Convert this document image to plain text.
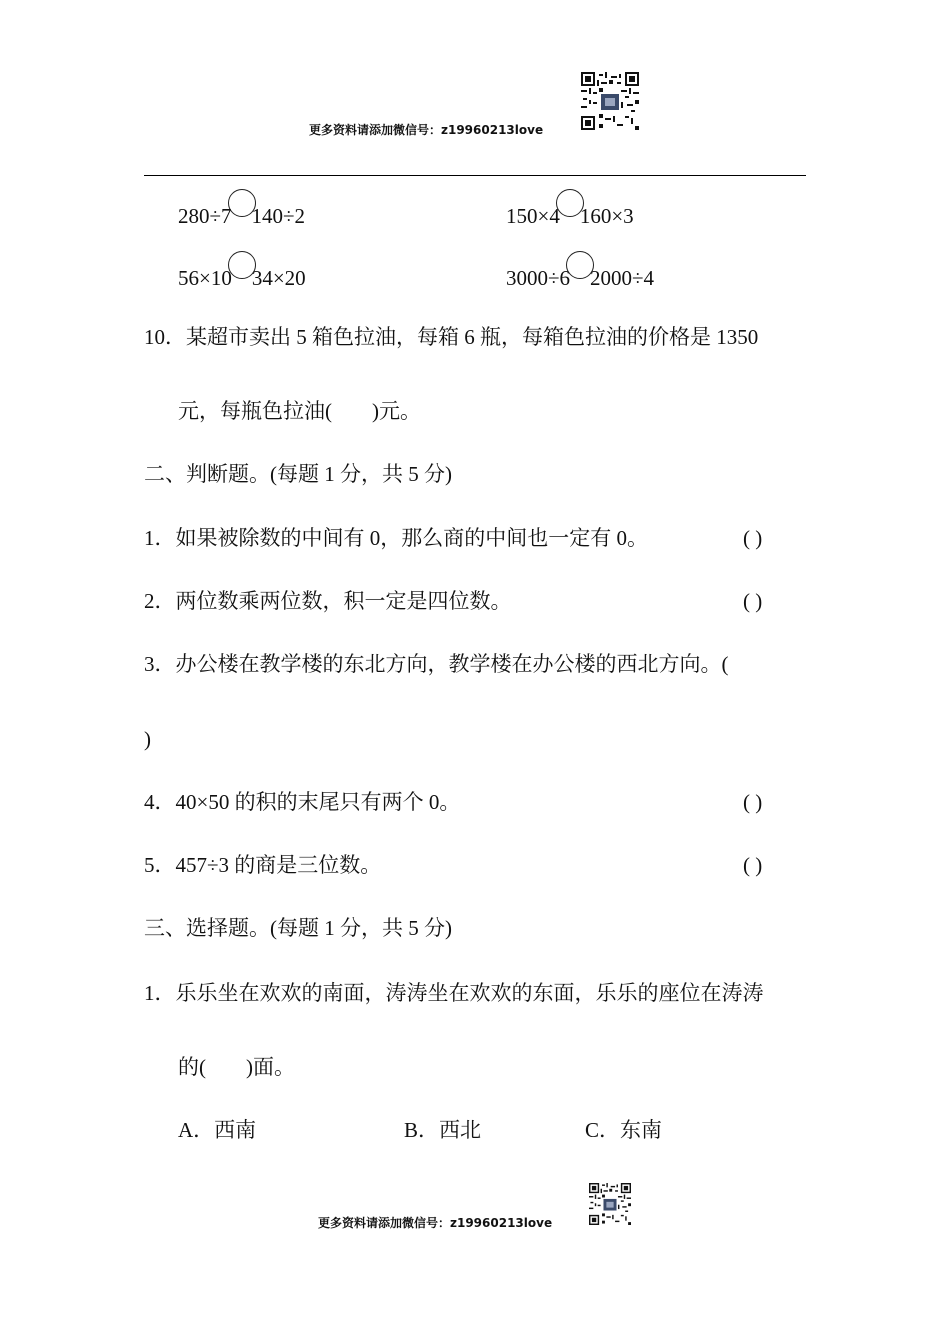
更多资料请添加微信号：z19960213love
280÷7 140÷2	150×4 160×3
56×10 34×20	3000÷6 2000÷4
10．某超市卖出 5 箱色拉油，每箱 6 瓶，每箱色拉油的价格是 1350
元，每瓶色拉油( )元。
二、判断题。(每题 1 分，共 5 分)
1．如果被除数的中间有 0，那么商的中间也一定有 0。	( )
2．两位数乘两位数，积一定是四位数。	( )
3．办公楼在教学楼的东北方向，教学楼在办公楼的西北方向。(
)
4．40×50 的积的末尾只有两个 0。	( )
5．457÷3 的商是三位数。	( )
三、选择题。(每题 1 分，共 5 分)
1．乐乐坐在欢欢的南面，涛涛坐在欢欢的东面，乐乐的座位在涛涛
的( )面。
A．西南	B．西北	C．东南
更多资料请添加微信号：z19960213love
